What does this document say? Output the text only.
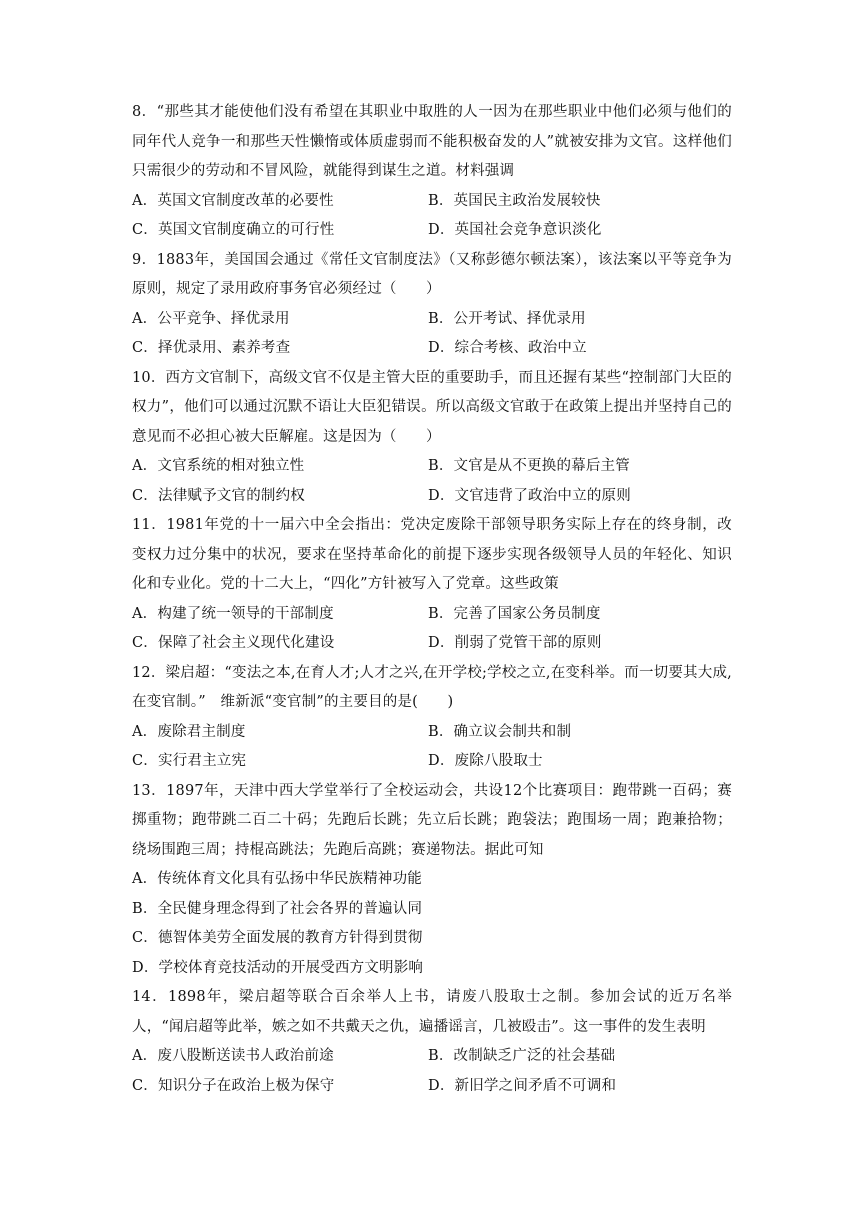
8．“那些其才能使他们没有希望在其职业中取胜的人一因为在那些职业中他们必须与他们的同年代人竞争一和那些天性懒惰或体质虚弱而不能积极奋发的人”就被安排为文官。这样他们只需很少的劳动和不冒风险，就能得到谋生之道。材料强调

A．英国文官制度改革的必要性	B．英国民主政治发展较快
C．英国文官制度确立的可行性	D．英国社会竞争意识淡化

9．1883年，美国国会通过《常任文官制度法》（又称彭德尔顿法案），该法案以平等竞争为原则，规定了录用政府事务官必须经过（　　）

A．公平竞争、择优录用	B．公开考试、择优录用
C．择优录用、素养考查	D．综合考核、政治中立

10．西方文官制下，高级文官不仅是主管大臣的重要助手，而且还握有某些“控制部门大臣的权力”，他们可以通过沉默不语让大臣犯错误。所以高级文官敢于在政策上提出并坚持自己的意见而不必担心被大臣解雇。这是因为（　　）

A．文官系统的相对独立性	B．文官是从不更换的幕后主管
C．法律赋予文官的制约权	D．文官违背了政治中立的原则

11．1981年党的十一届六中全会指出：党决定废除干部领导职务实际上存在的终身制，改变权力过分集中的状况，要求在坚持革命化的前提下逐步实现各级领导人员的年轻化、知识化和专业化。党的十二大上，“四化”方针被写入了党章。这些政策

A．构建了统一领导的干部制度	B．完善了国家公务员制度
C．保障了社会主义现代化建设	D．削弱了党管干部的原则

12．梁启超：“变法之本,在育人才;人才之兴,在开学校;学校之立,在变科举。而一切要其大成,在变官制。”　维新派“变官制”的主要目的是(　　)

A．废除君主制度	B．确立议会制共和制
C．实行君主立宪	D．废除八股取士

13．1897年，天津中西大学堂举行了全校运动会，共设12个比赛项目：跑带跳一百码；赛掷重物；跑带跳二百二十码；先跑后长跳；先立后长跳；跑袋法；跑围场一周；跑兼拾物；绕场围跑三周；持棍高跳法；先跑后高跳；赛递物法。据此可知

A．传统体育文化具有弘扬中华民族精神功能
B．全民健身理念得到了社会各界的普遍认同
C．德智体美劳全面发展的教育方针得到贯彻
D．学校体育竞技活动的开展受西方文明影响

14．1898年，梁启超等联合百余举人上书，请废八股取士之制。参加会试的近万名举人，“闻启超等此举，嫉之如不共戴天之仇，遍播谣言，几被殴击”。这一事件的发生表明

A．废八股断送读书人政治前途	B．改制缺乏广泛的社会基础
C．知识分子在政治上极为保守	D．新旧学之间矛盾不可调和
